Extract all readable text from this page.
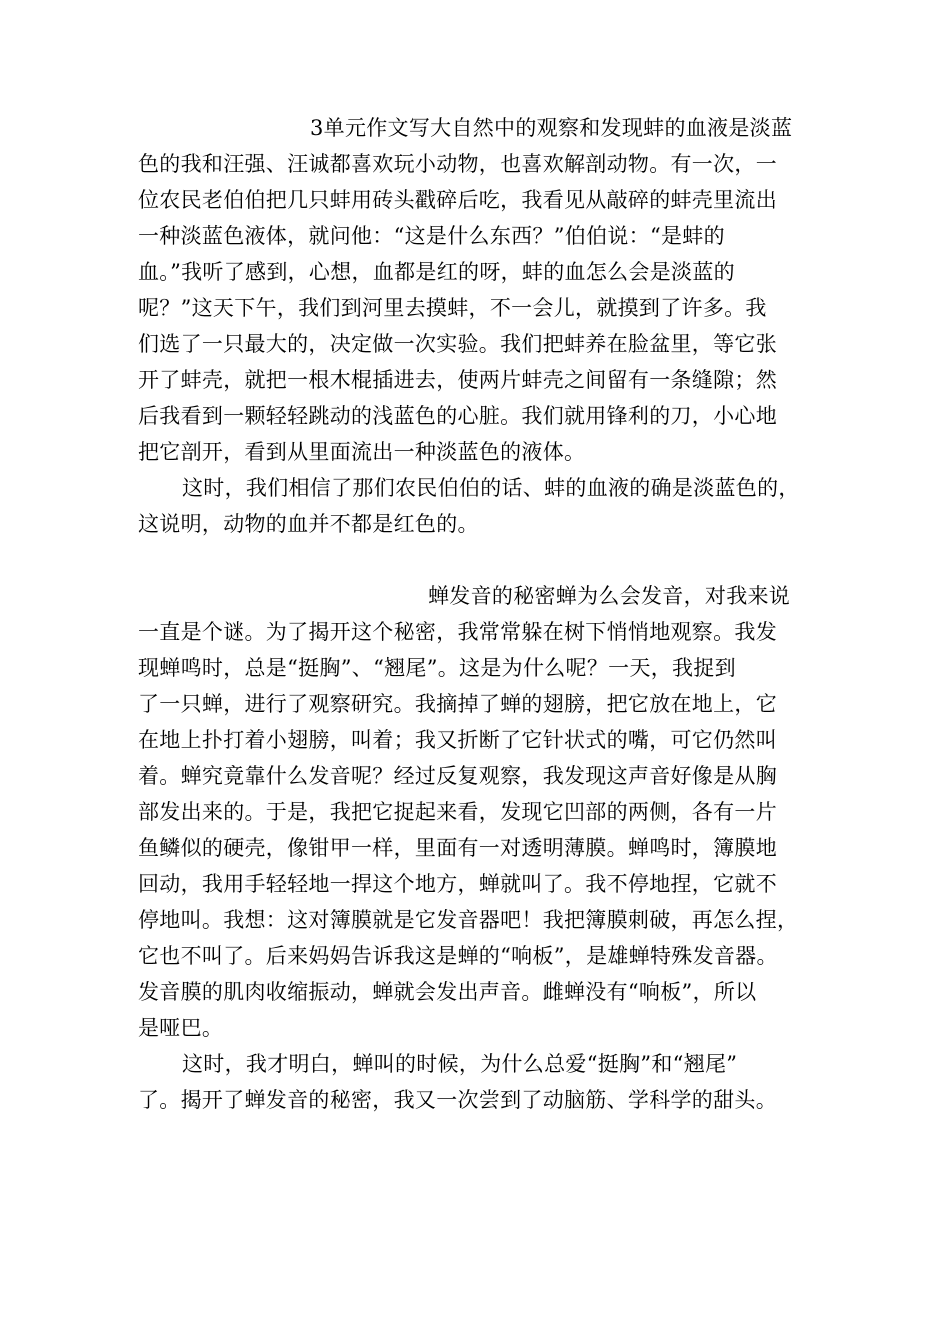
3单元作文写大自然中的观察和发现蚌的血液是淡蓝
色的我和汪强、汪诚都喜欢玩小动物，也喜欢解剖动物。有一次，一
位农民老伯伯把几只蚌用砖头戳碎后吃，我看见从敲碎的蚌壳里流出
一种淡蓝色液体，就问他：“这是什么东西？”伯伯说：“是蚌的
血。”我听了感到，心想，血都是红的呀，蚌的血怎么会是淡蓝的
呢？”这天下午，我们到河里去摸蚌，不一会儿，就摸到了许多。我
们选了一只最大的，决定做一次实验。我们把蚌养在脸盆里，等它张
开了蚌壳，就把一根木棍插进去，使两片蚌壳之间留有一条缝隙；然
后我看到一颗轻轻跳动的浅蓝色的心脏。我们就用锋利的刀，小心地
把它剖开，看到从里面流出一种淡蓝色的液体。
这时，我们相信了那们农民伯伯的话、蚌的血液的确是淡蓝色的，
这说明，动物的血并不都是红色的。
蝉发音的秘密蝉为么会发音，对我来说
一直是个谜。为了揭开这个秘密，我常常躲在树下悄悄地观察。我发
现蝉鸣时，总是“挺胸”、“翘尾”。这是为什么呢？一天，我捉到
了一只蝉，进行了观察研究。我摘掉了蝉的翅膀，把它放在地上，它
在地上扑打着小翅膀，叫着；我又折断了它针状式的嘴，可它仍然叫
着。蝉究竟靠什么发音呢？经过反复观察，我发现这声音好像是从胸
部发出来的。于是，我把它捉起来看，发现它凹部的两侧，各有一片
鱼鳞似的硬壳，像钳甲一样，里面有一对透明薄膜。蝉鸣时，簿膜地
回动，我用手轻轻地一捍这个地方，蝉就叫了。我不停地捏，它就不
停地叫。我想：这对簿膜就是它发音器吧！我把簿膜刺破，再怎么捏，
它也不叫了。后来妈妈告诉我这是蝉的“响板”，是雄蝉特殊发音器。
发音膜的肌肉收缩振动，蝉就会发出声音。雌蝉没有“响板”，所以
是哑巴。
这时，我才明白，蝉叫的时候，为什么总爱“挺胸”和“翘尾”
了。揭开了蝉发音的秘密，我又一次尝到了动脑筋、学科学的甜头。
